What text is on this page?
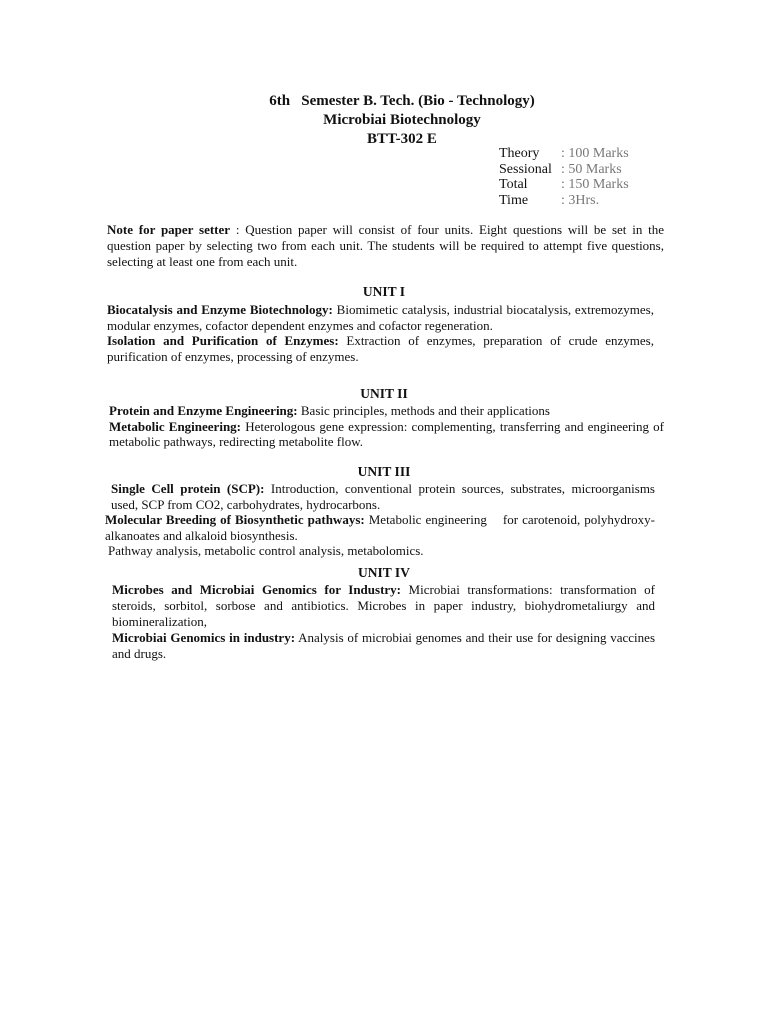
6th   Semester B. Tech. (Bio - Technology)
Microbiai Biotechnology
BTT-302 E
Theory	: 100 Marks
Sessional : 50 Marks
Total	: 150 Marks
Time	: 3Hrs.
Note for paper setter : Question paper will consist of four units. Eight questions will be set in the question paper by selecting two from each unit. The students will be required to attempt five questions, selecting at least one from each unit.
UNIT I

Biocatalysis and Enzyme Biotechnology: Biomimetic catalysis, industrial biocatalysis, extremozymes, modular enzymes, cofactor dependent enzymes and cofactor regeneration.

Isolation and Purification of Enzymes: Extraction of enzymes, preparation of crude enzymes, purification of enzymes, processing of enzymes.

UNIT II

Protein and Enzyme Engineering: Basic principles, methods and their applications

Metabolic Engineering: Heterologous gene expression: complementing, transferring and engineering of metabolic pathways, redirecting metabolite flow.

UNIT III

Single Cell protein (SCP): Introduction, conventional protein sources, substrates, microorganisms used, SCP from CO2, carbohydrates, hydrocarbons.

Molecular Breeding of Biosynthetic pathways: Metabolic engineering    for carotenoid, polyhydroxy-alkanoates and alkaloid biosynthesis.

Pathway analysis, metabolic control analysis, metabolomics.

UNIT IV

Microbes and Microbiai Genomics for Industry: Microbiai transformations: transformation of steroids, sorbitol, sorbose and antibiotics. Microbes in paper industry, biohydrometaliurgy and biomineralization,

Microbiai Genomics in industry: Analysis of microbiai genomes and their use for designing vaccines and drugs.
